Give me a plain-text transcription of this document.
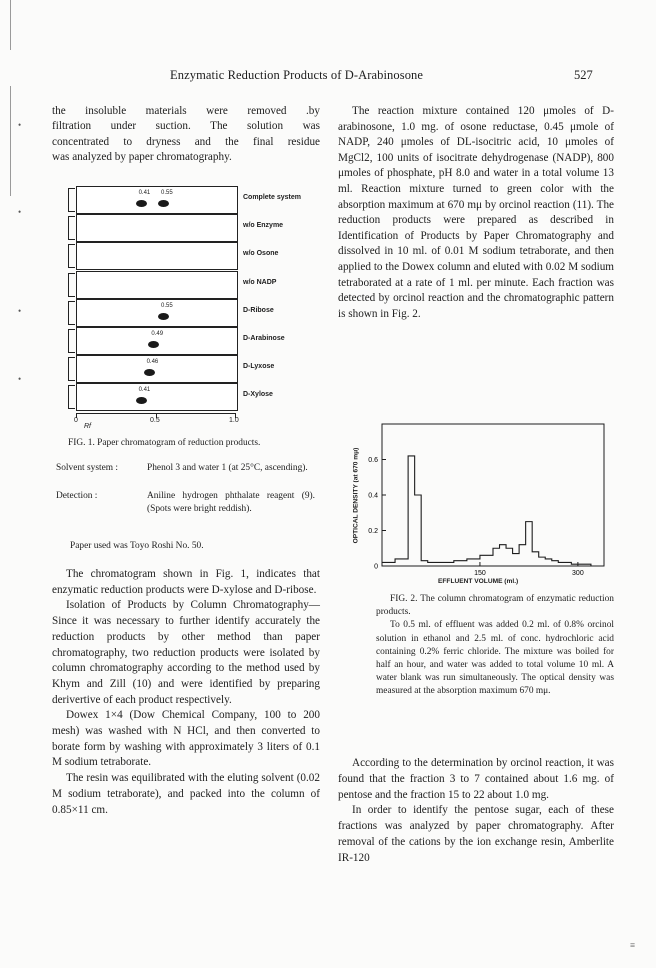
•
•
•
•
Enzymatic Reduction Products of D-Arabinosone	527
the insoluble materials were removed .by
filtration under suction. The solution was
concentrated to dryness and the final residue
was analyzed by paper chromatography.
Complete system
0.41 0.55
w/o Enzyme
w/o Osone
w/o NADP
D-Ribose
0.55
D-Arabinose
0.49
D-Lyxose
0.46
D-Xylose
0.41
0	0.5	1.0
Rf
FIG. 1. Paper chromatogram of reduction products.
Solvent system :	Phenol 3 and water 1 (at 25°C, ascending).
Detection :	Aniline hydrogen phthalate reagent (9). (Spots were bright reddish).
Paper used was Toyo Roshi No. 50.

The chromatogram shown in Fig. 1, indicates that enzymatic reduction products were D-xylose and D-ribose.

Isolation of Products by Column Chromatography—Since it was necessary to further identify accurately the reduction products by other method than paper chromatography, two reduction products were isolated by column chromatography according to the method used by Khym and Zill (10) and were identified by preparing derivertive of each product respectively.

Dowex 1×4 (Dow Chemical Company, 100 to 200 mesh) was washed with N HCl, and then converted to borate form by washing with approximately 3 liters of 0.1 M sodium tetraborate.

The resin was equilibrated with the eluting solvent (0.02 M sodium tetraborate), and packed into the column of 0.85×11 cm.

The reaction mixture contained 120 μmoles of D-arabinosone, 1.0 mg. of osone reductase, 0.45 μmole of NADP, 240 μmoles of DL-isocitric acid, 10 μmoles of MgCl2, 100 units of isocitrate dehydrogenase (NADP), 800 μmoles of phosphate, pH 8.0 and water in a total volume 13 ml. Reaction mixture turned to green color with the absorption maximum at 670 mμ by orcinol reaction (11). The reduction products were prepared as described in Identification of Products by Paper Chromatography and dissolved in 10 ml. of 0.01 M sodium tetraborate, and then applied to the Dowex column and eluted with 0.02 M sodium tetraborated at a rate of 1 ml. per minute. Each fraction was detected by orcinol reaction and the chromatographic pattern is shown in Fig. 2.

0
0.2
0.4
0.6
150	300
EFFLUENT VOLUME (ml.)
OPTICAL DENSITY (at 670 mμ)

FIG. 2. The column chromatogram of enzymatic reduction products.

To 0.5 ml. of effluent was added 0.2 ml. of 0.8% orcinol solution in ethanol and 2.5 ml. of conc. hydrochloric acid containing 0.2% ferric chloride. The mixture was boiled for half an hour, and water was added to total volume 10 ml. A water blank was run simultaneously. The optical density was measured at the absorption maximum 670 mμ.

According to the determination by orcinol reaction, it was found that the fraction 3 to 7 contained about 1.6 mg. of pentose and the fraction 15 to 22 about 1.0 mg.

In order to identify the pentose sugar, each of these fractions was analyzed by paper chromatography. After removal of the cations by the ion exchange resin, Amberlite IR-120

≡
